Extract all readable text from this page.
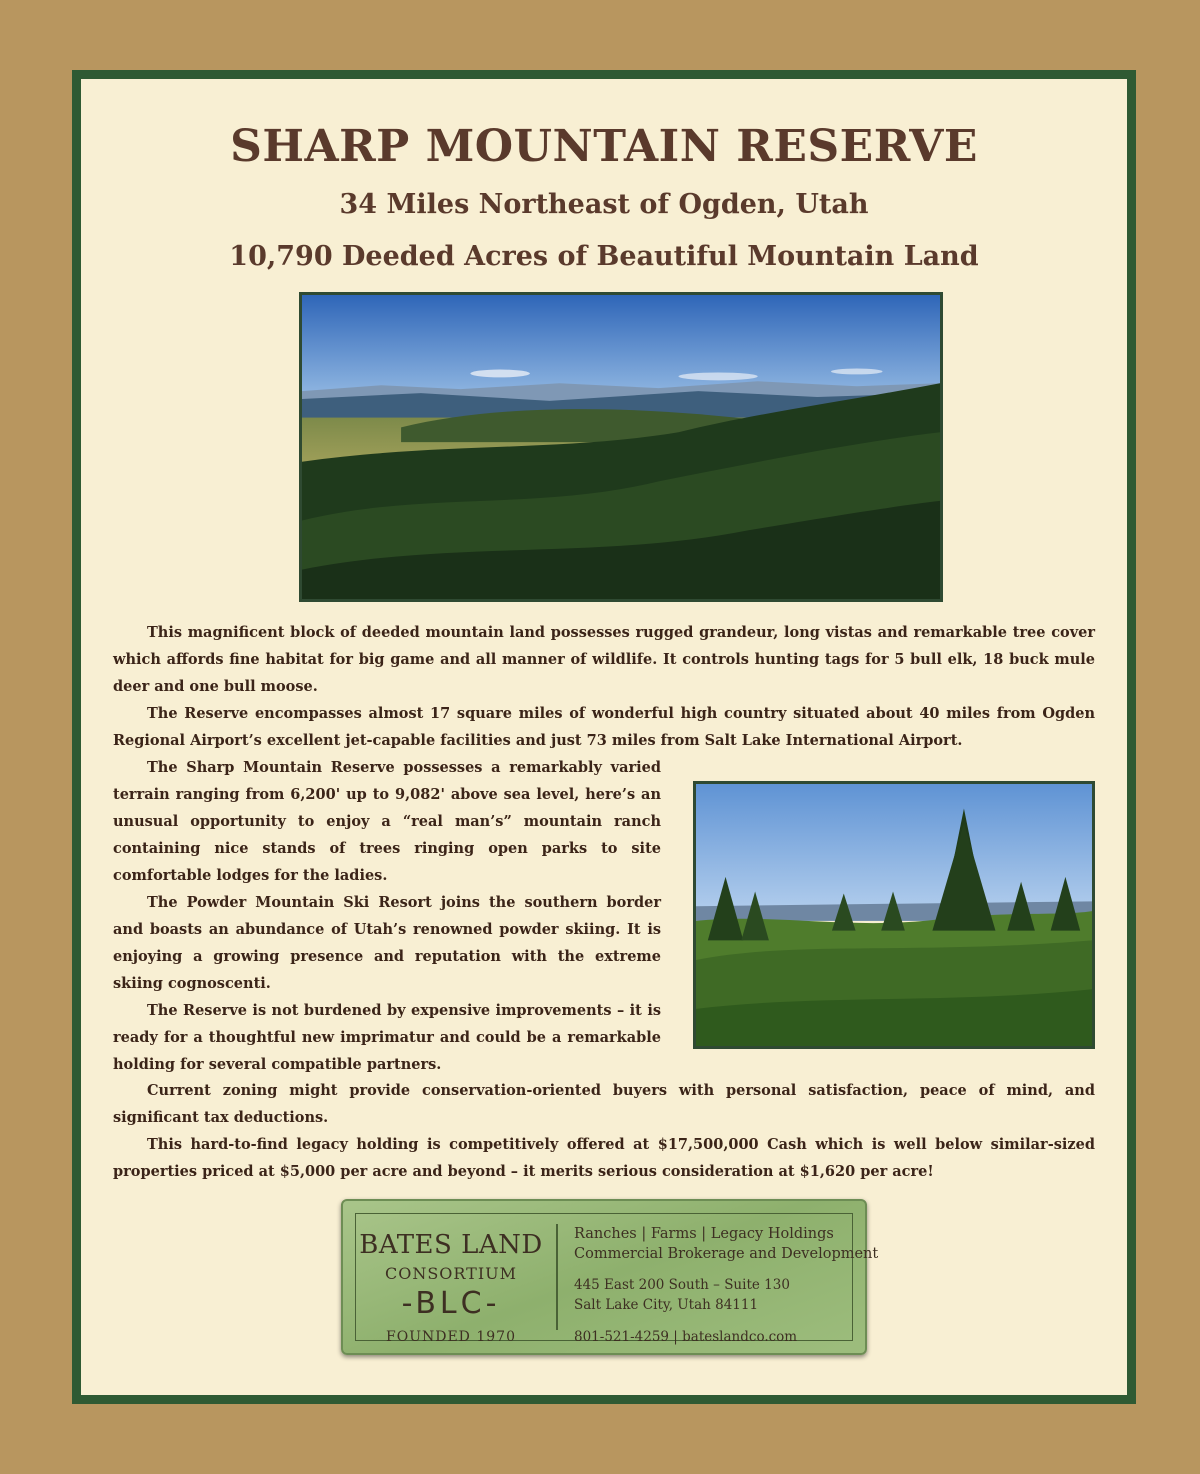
SHARP MOUNTAIN RESERVE
34 Miles Northeast of Ogden, Utah
10,790 Deeded Acres of Beautiful Mountain Land

This magnificent block of deeded mountain land possesses rugged grandeur, long vistas and remarkable tree cover which affords fine habitat for big game and all manner of wildlife. It controls hunting tags for 5 bull elk, 18 buck mule deer and one bull moose.

The Reserve encompasses almost 17 square miles of wonderful high country situated about 40 miles from Ogden Regional Airport’s excellent jet-capable facilities and just 73 miles from Salt Lake International Airport.

The Sharp Mountain Reserve possesses a remarkably varied terrain ranging from 6,200' up to 9,082' above sea level, here’s an unusual opportunity to enjoy a “real man’s” mountain ranch containing nice stands of trees ringing open parks to site comfortable lodges for the ladies.

The Powder Mountain Ski Resort joins the southern border and boasts an abundance of Utah’s renowned powder skiing. It is enjoying a growing presence and reputation with the extreme skiing cognoscenti.

The Reserve is not burdened by expensive improvements – it is ready for a thoughtful new imprimatur and could be a remarkable holding for several compatible partners.

Current zoning might provide conservation-oriented buyers with personal satisfaction, peace of mind, and significant tax deductions.

This hard-to-find legacy holding is competitively offered at $17,500,000 Cash which is well below similar-sized properties priced at $5,000 per acre and beyond – it merits serious consideration at $1,620 per acre!

BATES LAND
CONSORTIUM
-BLC-
FOUNDED 1970
Ranches | Farms | Legacy Holdings
Commercial Brokerage and Development
445 East 200 South – Suite 130
Salt Lake City, Utah 84111
801-521-4259 | bateslandco.com
